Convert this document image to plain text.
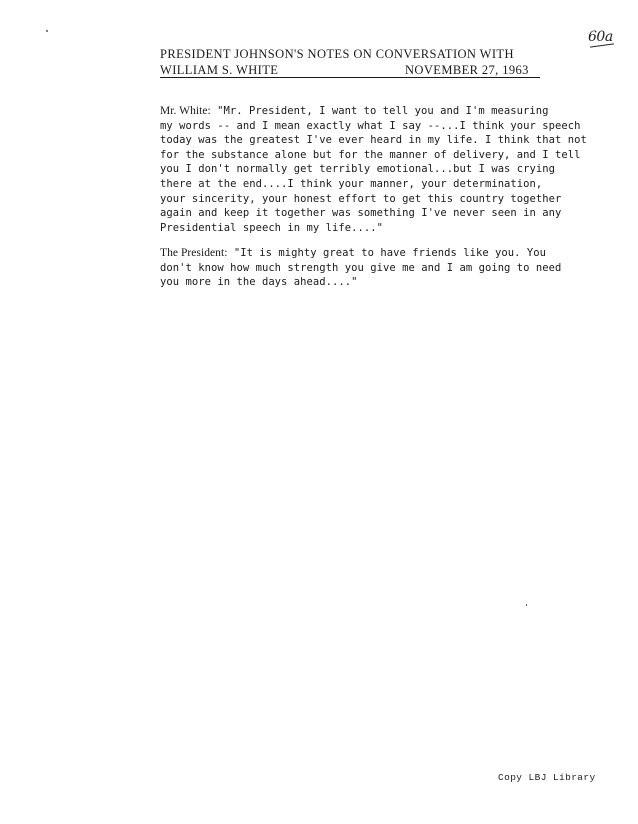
60a
PRESIDENT JOHNSON'S NOTES ON CONVERSATION WITH
WILLIAM S. WHITE	NOVEMBER 27, 1963
Mr. White: "Mr. President, I want to tell you and I'm measuring
my words -- and I mean exactly what I say --...I think your speech
today was the greatest I've ever heard in my life. I think that not
for the substance alone but for the manner of delivery, and I tell
you I don't normally get terribly emotional...but I was crying
there at the end....I think your manner, your determination,
your sincerity, your honest effort to get this country together
again and keep it together was something I've never seen in any
Presidential speech in my life...."
The President: "It is mighty great to have friends like you. You
don't know how much strength you give me and I am going to need
you more in the days ahead...."
Copy LBJ Library
